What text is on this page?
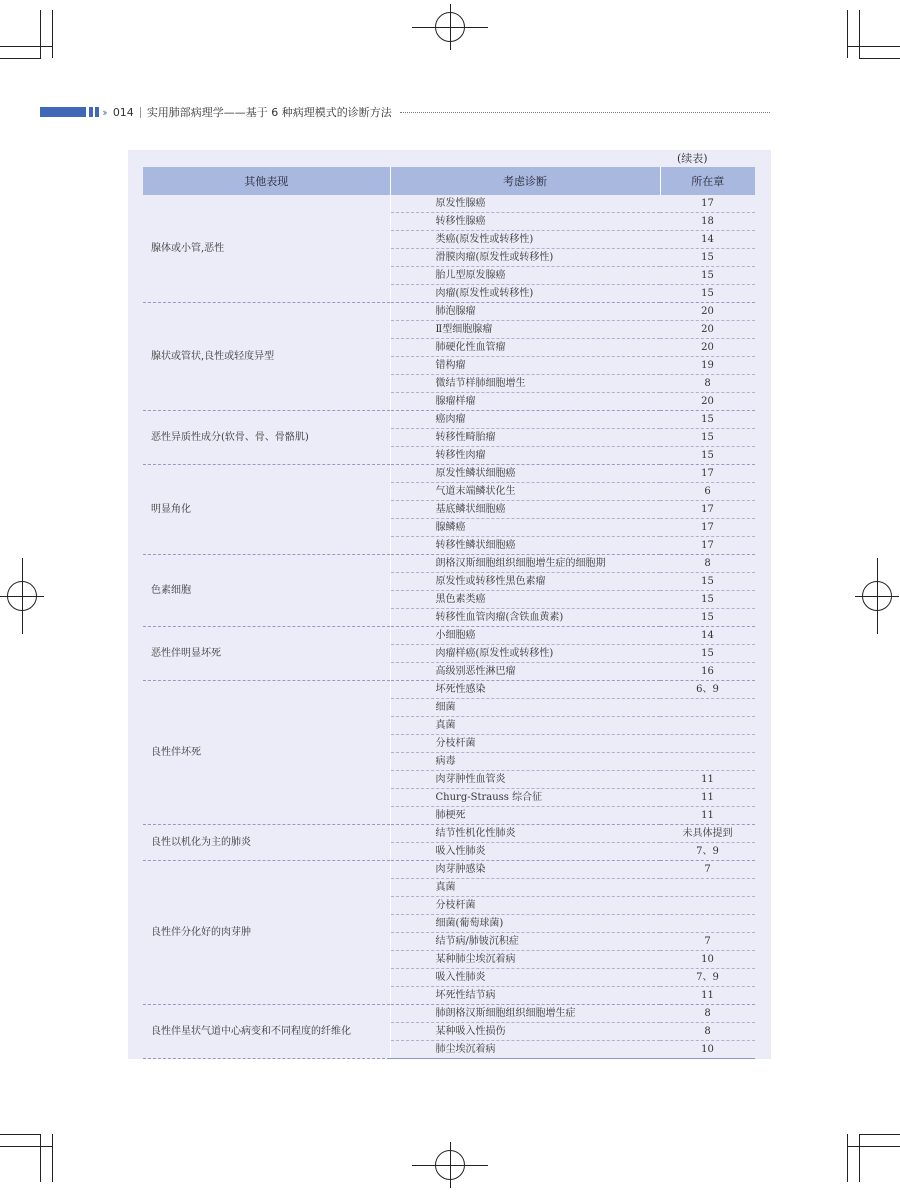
›› 014 实用肺部病理学——基于 6 种病理模式的诊断方法
(续表)
其他表现	考虑诊断	所在章
腺体或小管,恶性	原发性腺癌	17
	转移性腺癌	18
	类癌(原发性或转移性)	14
	滑膜肉瘤(原发性或转移性)	15
	胎儿型原发腺癌	15
	肉瘤(原发性或转移性)	15
腺状或管状,良性或轻度异型	肺泡腺瘤	20
	Ⅱ型细胞腺瘤	20
	肺硬化性血管瘤	20
	错构瘤	19
	微结节样肺细胞增生	8
	腺瘤样瘤	20
恶性异质性成分(软骨、骨、骨骼肌)	癌肉瘤	15
	转移性畸胎瘤	15
	转移性肉瘤	15
明显角化	原发性鳞状细胞癌	17
	气道末端鳞状化生	6
	基底鳞状细胞癌	17
	腺鳞癌	17
	转移性鳞状细胞癌	17
色素细胞	朗格汉斯细胞组织细胞增生症的细胞期	8
	原发性或转移性黑色素瘤	15
	黑色素类癌	15
	转移性血管肉瘤(含铁血黄素)	15
恶性伴明显坏死	小细胞癌	14
	肉瘤样癌(原发性或转移性)	15
	高级别恶性淋巴瘤	16
良性伴坏死	坏死性感染	6、9
	细菌	
	真菌	
	分枝杆菌	
	病毒	
	肉芽肿性血管炎	11
	Churg-Strauss 综合征	11
	肺梗死	11
良性以机化为主的肺炎	结节性机化性肺炎	未具体提到
	吸入性肺炎	7、9
良性伴分化好的肉芽肿	肉芽肿感染	7
	真菌	
	分枝杆菌	
	细菌(葡萄球菌)	
	结节病/肺铍沉积症	7
	某种肺尘埃沉着病	10
	吸入性肺炎	7、9
	坏死性结节病	11
良性伴星状气道中心病变和不同程度的纤维化	肺朗格汉斯细胞组织细胞增生症	8
	某种吸入性损伤	8
	肺尘埃沉着病	10
